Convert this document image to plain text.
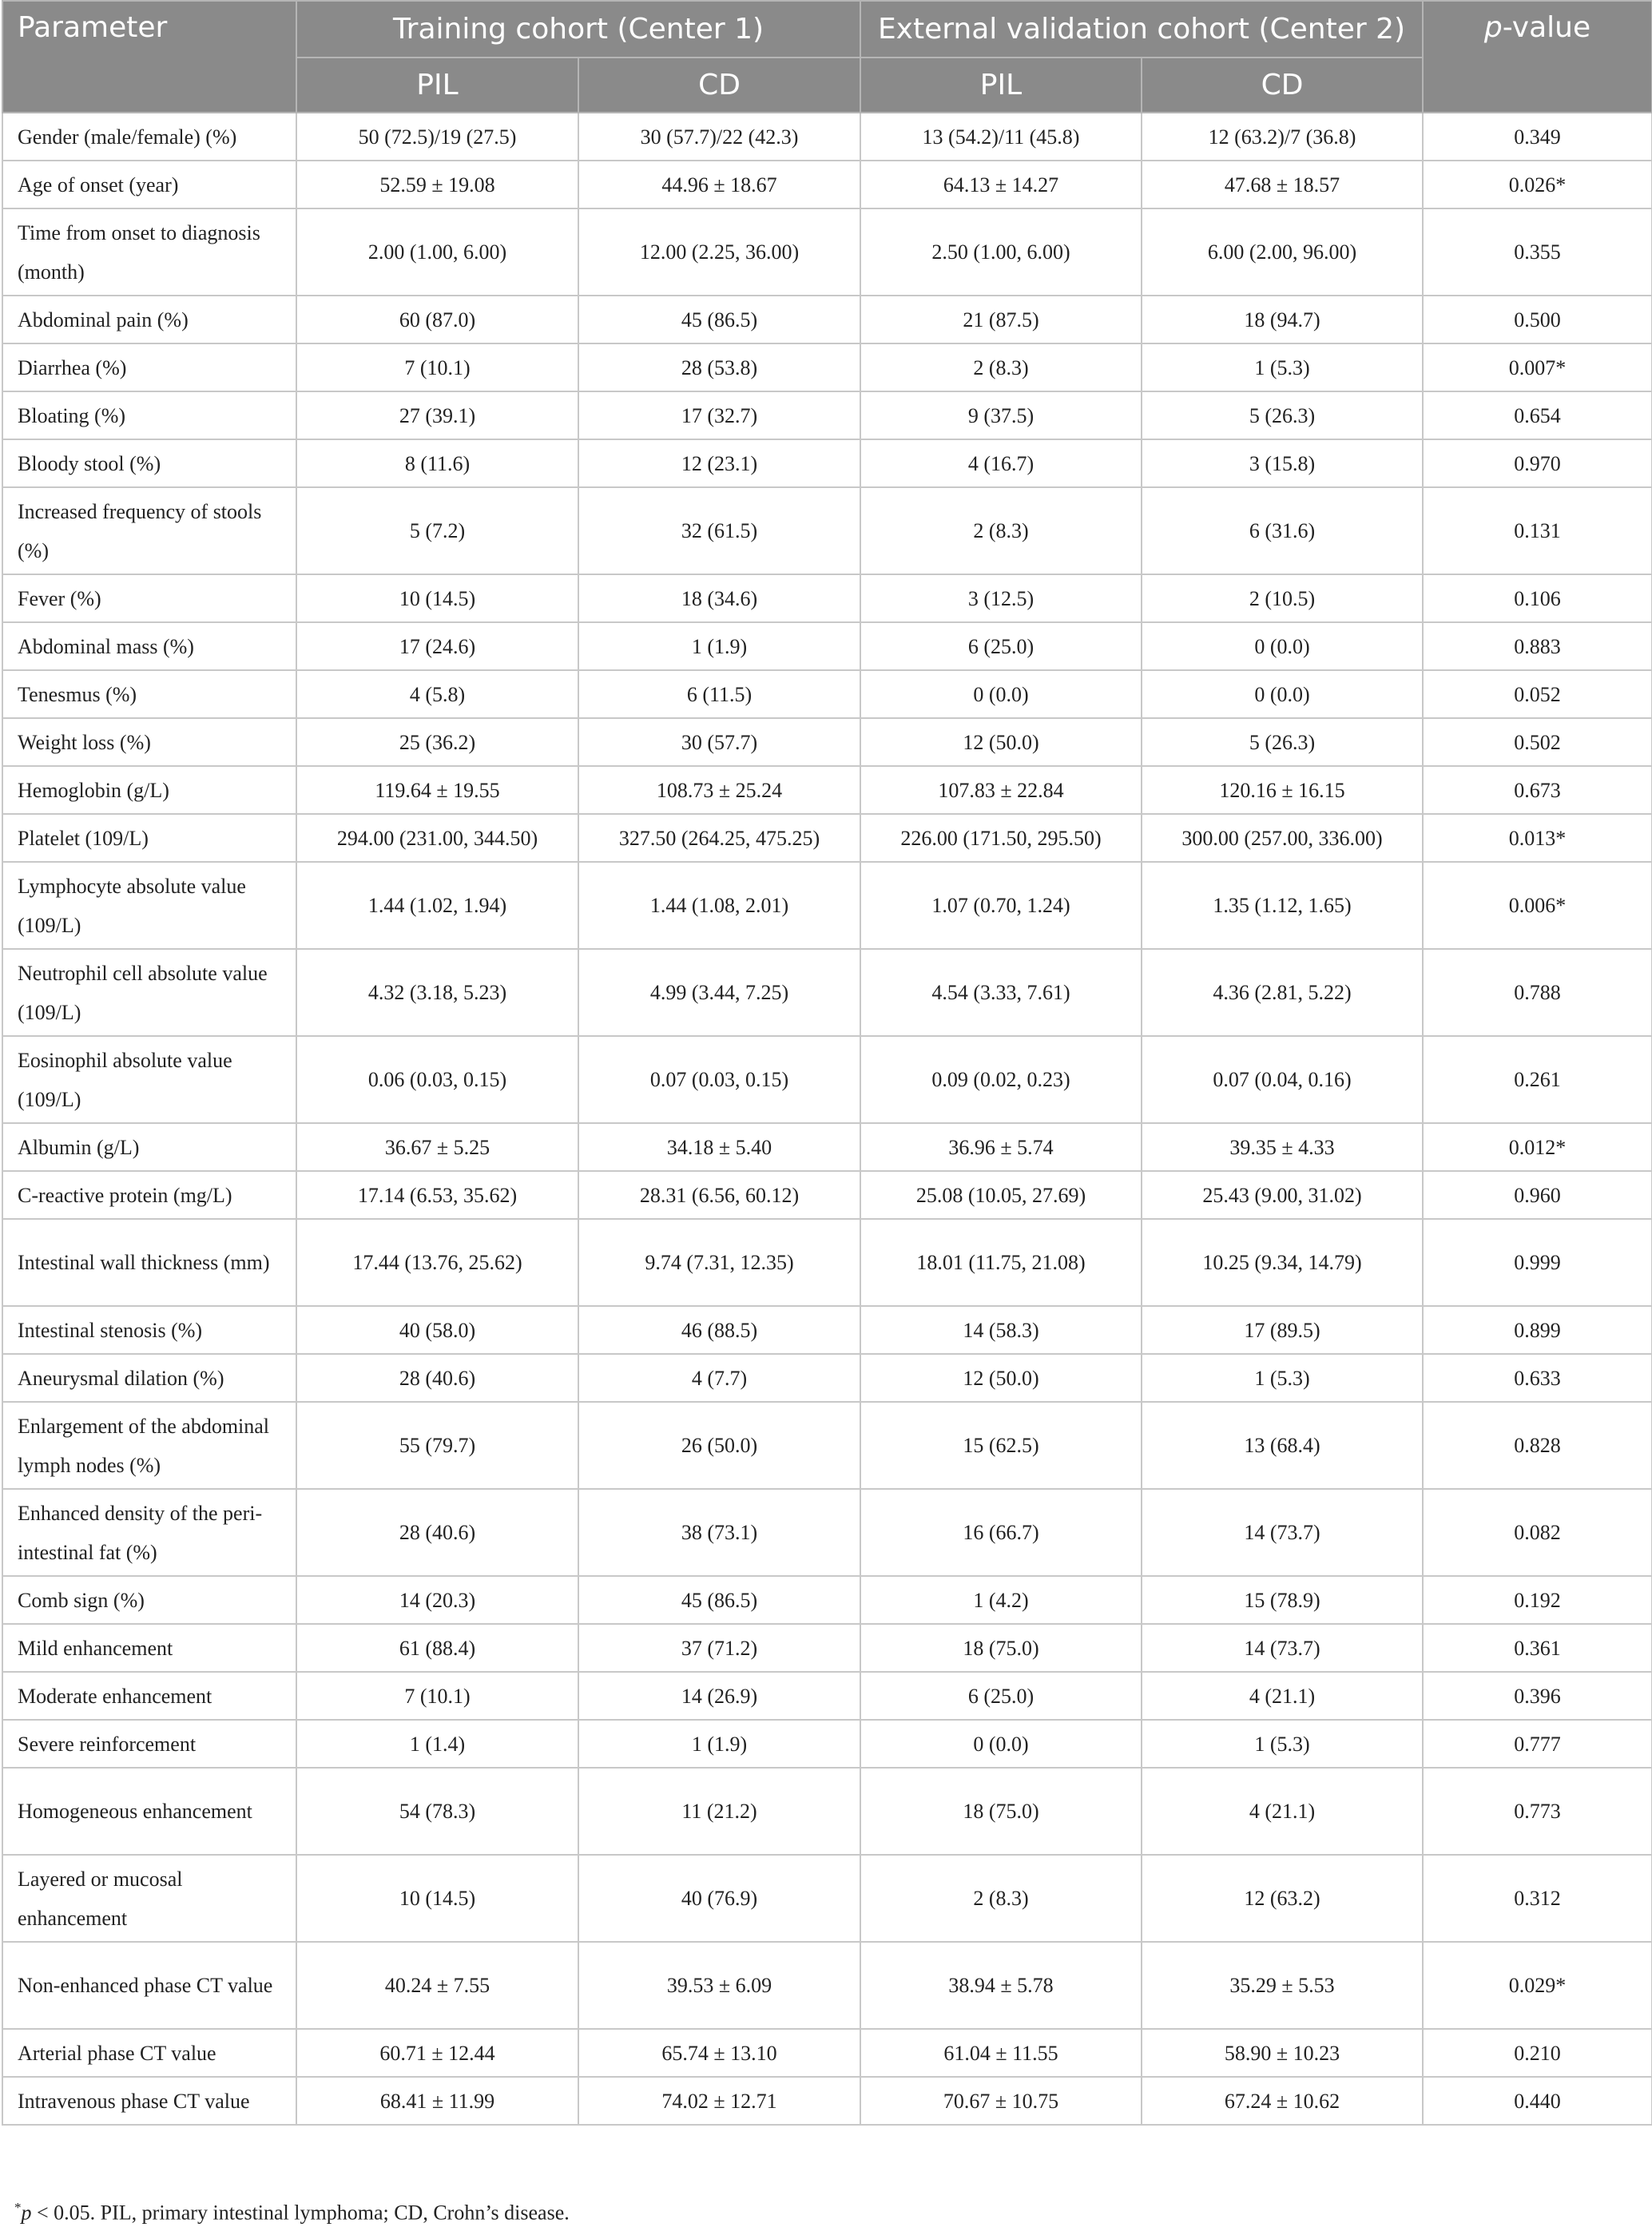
Parameter	Training cohort (Center 1)		External validation cohort (Center 2)		p-value
	PIL	CD	PIL	CD	
Gender (male/female) (%)	50 (72.5)/19 (27.5)	30 (57.7)/22 (42.3)	13 (54.2)/11 (45.8)	12 (63.2)/7 (36.8)	0.349
Age of onset (year)	52.59 ± 19.08	44.96 ± 18.67	64.13 ± 14.27	47.68 ± 18.57	0.026*
Time from onset to diagnosis (month)	2.00 (1.00, 6.00)	12.00 (2.25, 36.00)	2.50 (1.00, 6.00)	6.00 (2.00, 96.00)	0.355
Abdominal pain (%)	60 (87.0)	45 (86.5)	21 (87.5)	18 (94.7)	0.500
Diarrhea (%)	7 (10.1)	28 (53.8)	2 (8.3)	1 (5.3)	0.007*
Bloating (%)	27 (39.1)	17 (32.7)	9 (37.5)	5 (26.3)	0.654
Bloody stool (%)	8 (11.6)	12 (23.1)	4 (16.7)	3 (15.8)	0.970
Increased frequency of stools (%)	5 (7.2)	32 (61.5)	2 (8.3)	6 (31.6)	0.131
Fever (%)	10 (14.5)	18 (34.6)	3 (12.5)	2 (10.5)	0.106
Abdominal mass (%)	17 (24.6)	1 (1.9)	6 (25.0)	0 (0.0)	0.883
Tenesmus (%)	4 (5.8)	6 (11.5)	0 (0.0)	0 (0.0)	0.052
Weight loss (%)	25 (36.2)	30 (57.7)	12 (50.0)	5 (26.3)	0.502
Hemoglobin (g/L)	119.64 ± 19.55	108.73 ± 25.24	107.83 ± 22.84	120.16 ± 16.15	0.673
Platelet (109/L)	294.00 (231.00, 344.50)	327.50 (264.25, 475.25)	226.00 (171.50, 295.50)	300.00 (257.00, 336.00)	0.013*
Lymphocyte absolute value (109/L)	1.44 (1.02, 1.94)	1.44 (1.08, 2.01)	1.07 (0.70, 1.24)	1.35 (1.12, 1.65)	0.006*
Neutrophil cell absolute value (109/L)	4.32 (3.18, 5.23)	4.99 (3.44, 7.25)	4.54 (3.33, 7.61)	4.36 (2.81, 5.22)	0.788
Eosinophil absolute value (109/L)	0.06 (0.03, 0.15)	0.07 (0.03, 0.15)	0.09 (0.02, 0.23)	0.07 (0.04, 0.16)	0.261
Albumin (g/L)	36.67 ± 5.25	34.18 ± 5.40	36.96 ± 5.74	39.35 ± 4.33	0.012*
C-reactive protein (mg/L)	17.14 (6.53, 35.62)	28.31 (6.56, 60.12)	25.08 (10.05, 27.69)	25.43 (9.00, 31.02)	0.960
Intestinal wall thickness (mm)	17.44 (13.76, 25.62)	9.74 (7.31, 12.35)	18.01 (11.75, 21.08)	10.25 (9.34, 14.79)	0.999
Intestinal stenosis (%)	40 (58.0)	46 (88.5)	14 (58.3)	17 (89.5)	0.899
Aneurysmal dilation (%)	28 (40.6)	4 (7.7)	12 (50.0)	1 (5.3)	0.633
Enlargement of the abdominal lymph nodes (%)	55 (79.7)	26 (50.0)	15 (62.5)	13 (68.4)	0.828
Enhanced density of the peri-intestinal fat (%)	28 (40.6)	38 (73.1)	16 (66.7)	14 (73.7)	0.082
Comb sign (%)	14 (20.3)	45 (86.5)	1 (4.2)	15 (78.9)	0.192
Mild enhancement	61 (88.4)	37 (71.2)	18 (75.0)	14 (73.7)	0.361
Moderate enhancement	7 (10.1)	14 (26.9)	6 (25.0)	4 (21.1)	0.396
Severe reinforcement	1 (1.4)	1 (1.9)	0 (0.0)	1 (5.3)	0.777
Homogeneous enhancement	54 (78.3)	11 (21.2)	18 (75.0)	4 (21.1)	0.773
Layered or mucosal enhancement	10 (14.5)	40 (76.9)	2 (8.3)	12 (63.2)	0.312
Non-enhanced phase CT value	40.24 ± 7.55	39.53 ± 6.09	38.94 ± 5.78	35.29 ± 5.53	0.029*
Arterial phase CT value	60.71 ± 12.44	65.74 ± 13.10	61.04 ± 11.55	58.90 ± 10.23	0.210
Intravenous phase CT value	68.41 ± 11.99	74.02 ± 12.71	70.67 ± 10.75	67.24 ± 10.62	0.440
*p < 0.05. PIL, primary intestinal lymphoma; CD, Crohn’s disease.
